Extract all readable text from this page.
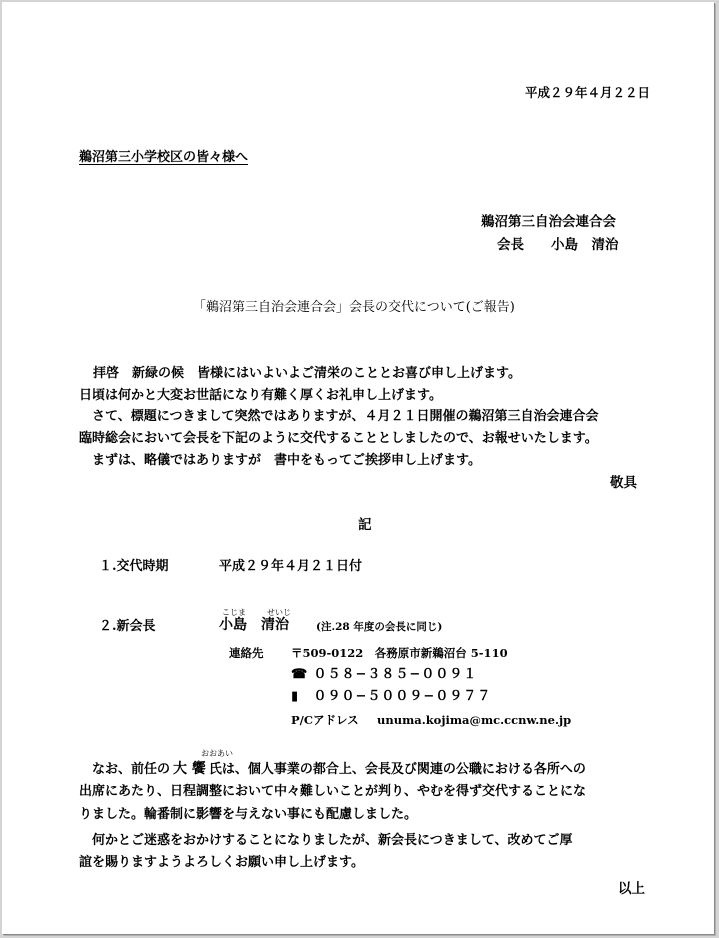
平成２９年４月２２日
鵜沼第三小学校区の皆々様へ
鵜沼第三自治会連合会
会長　　小島　清治
「鵜沼第三自治会連合会」会長の交代について(ご報告)
拝啓　新緑の候　皆様にはいよいよご清栄のこととお喜び申し上げます。
日頃は何かと大変お世話になり有難く厚くお礼申し上げます。
さて、標題につきまして突然ではありますが、４月２１日開催の鵜沼第三自治会連合会
臨時総会において会長を下記のように交代することとしましたので、お報せいたします。
まずは、略儀ではありますが　書中をもってご挨拶申し上げます。
敬具
記
１.交代時期	平成２９年４月２１日付
こじま	せいじ
２.新会長	小島　清治	(注.28 年度の会長に同じ)
連絡先 〒509-0122　各務原市新鵜沼台 5-110
☎ ０５８−３８５−００９１
▮ ０９０−５００９−０９７７
P/Cアドレス unuma.kojima@mc.ccnw.ne.jp
おおあい
なお、前任の 大 饗 氏は、個人事業の都合上、会長及び関連の公職における各所への
出席にあたり、日程調整において中々難しいことが判り、やむを得ず交代することにな
りました。輪番制に影響を与えない事にも配慮しました。
何かとご迷惑をおかけすることになりましたが、新会長につきまして、改めてご厚
誼を賜りますようよろしくお願い申し上げます。
以上
